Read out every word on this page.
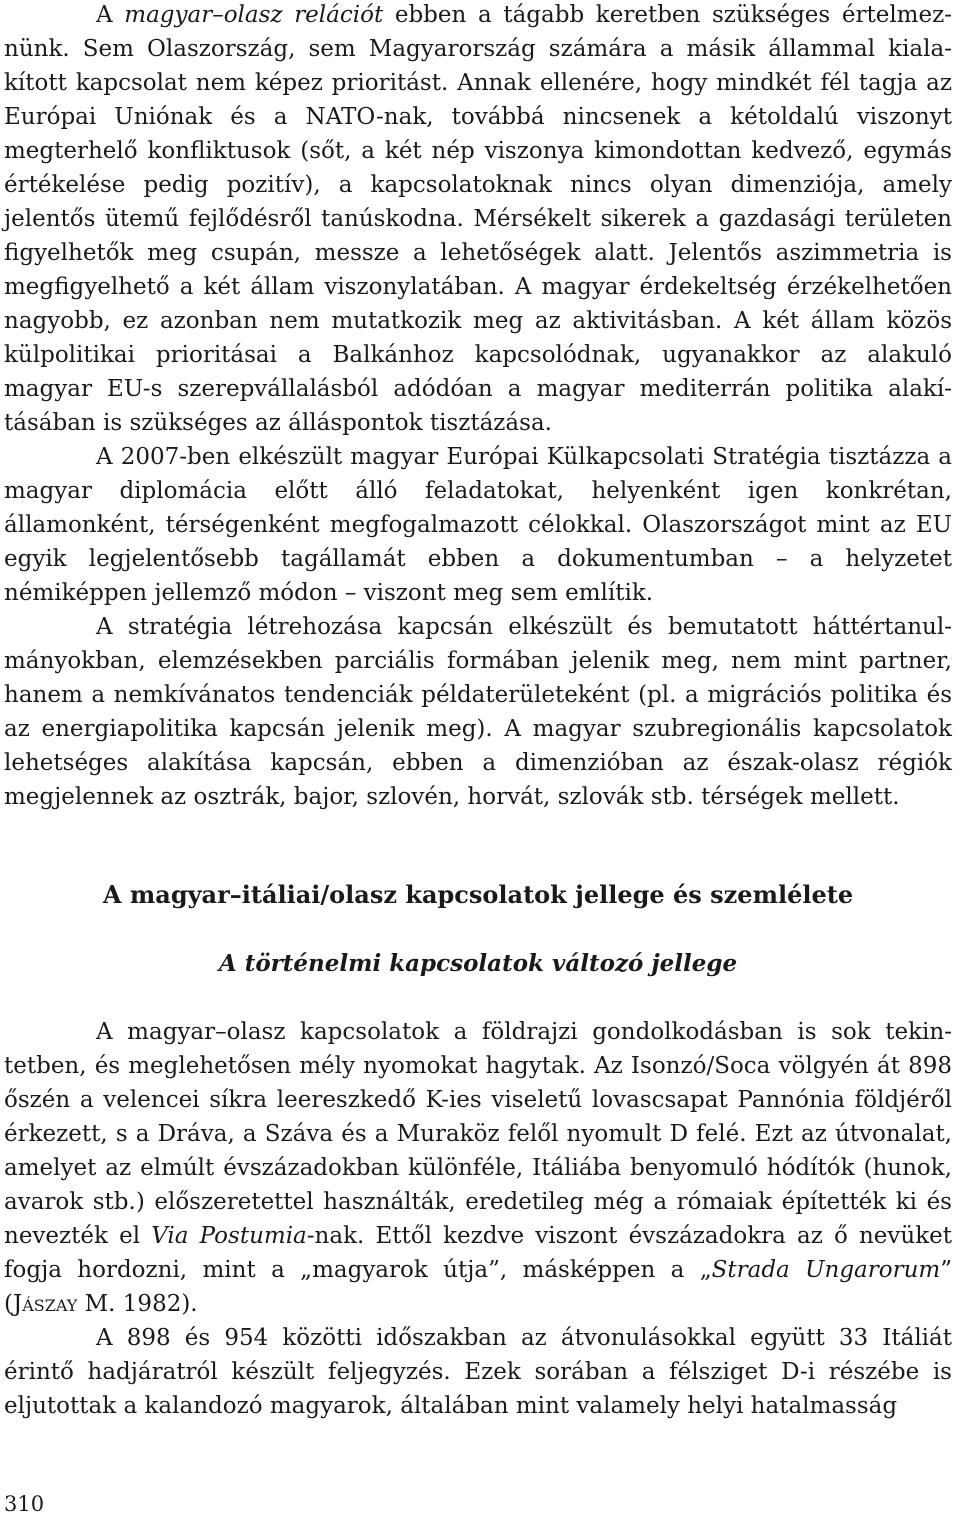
A magyar–olasz relációt ebben a tágabb keretben szükséges értelmeznünk. Sem Olaszország, sem Magyarország számára a másik állammal kialakított kapcsolat nem képez prioritást. Annak ellenére, hogy mindkét fél tagja az Európai Uniónak és a NATO-nak, továbbá nincsenek a kétoldalú viszonyt megterhelő konfliktusok (sőt, a két nép viszonya kimondottan kedvező, egymás értékelése pedig pozitív), a kapcsolatoknak nincs olyan dimenziója, amely jelentős ütemű fejlődésről tanúskodna. Mérsékelt sikerek a gazdasági területen figyelhetők meg csupán, messze a lehetőségek alatt. Jelentős aszimmetria is megfigyelhető a két állam viszonylatában. A magyar érdekeltség érzékelhetően nagyobb, ez azonban nem mutatkozik meg az aktivitásban. A két állam közös külpolitikai prioritásai a Balkánhoz kapcsolódnak, ugyanakkor az alakuló magyar EU-s szerepvállalásból adódóan a magyar mediterrán politika alakításában is szükséges az álláspontok tisztázása.

A 2007-ben elkészült magyar Európai Külkapcsolati Stratégia tisztázza a magyar diplomácia előtt álló feladatokat, helyenként igen konkrétan, államonként, térségenként megfogalmazott célokkal. Olaszországot mint az EU egyik legjelentősebb tagállamát ebben a dokumentumban – a helyzetet némiképpen jellemző módon – viszont meg sem említik.

A stratégia létrehozása kapcsán elkészült és bemutatott háttértanulmányokban, elemzésekben parciális formában jelenik meg, nem mint partner, hanem a nemkívánatos tendenciák példaterületeként (pl. a migrációs politika és az energiapolitika kapcsán jelenik meg). A magyar szubregionális kapcsolatok lehetséges alakítása kapcsán, ebben a dimenzióban az észak-olasz régiók megjelennek az osztrák, bajor, szlovén, horvát, szlovák stb. térségek mellett.

A magyar–itáliai/olasz kapcsolatok jellege és szemlélete
A történelmi kapcsolatok változó jellege

A magyar–olasz kapcsolatok a földrajzi gondolkodásban is sok tekintetben, és meglehetősen mély nyomokat hagytak. Az Isonzó/Soca völgyén át 898 őszén a velencei síkra leereszkedő K-ies viseletű lovascsapat Pannónia földjéről érkezett, s a Dráva, a Száva és a Muraköz felől nyomult D felé. Ezt az útvonalat, amelyet az elmúlt évszázadokban különféle, Itáliába benyomuló hódítók (hunok, avarok stb.) előszeretettel használták, eredetileg még a rómaiak építették ki és nevezték el Via Postumia-nak. Ettől kezdve viszont évszázadokra az ő nevüket fogja hordozni, mint a „magyarok útja”, másképpen a „Strada Ungarorum” (Jászay M. 1982).

A 898 és 954 közötti időszakban az átvonulásokkal együtt 33 Itáliát érintő hadjáratról készült feljegyzés. Ezek sorában a félsziget D-i részébe is eljutottak a kalandozó magyarok, általában mint valamely helyi hatalmasság

310
